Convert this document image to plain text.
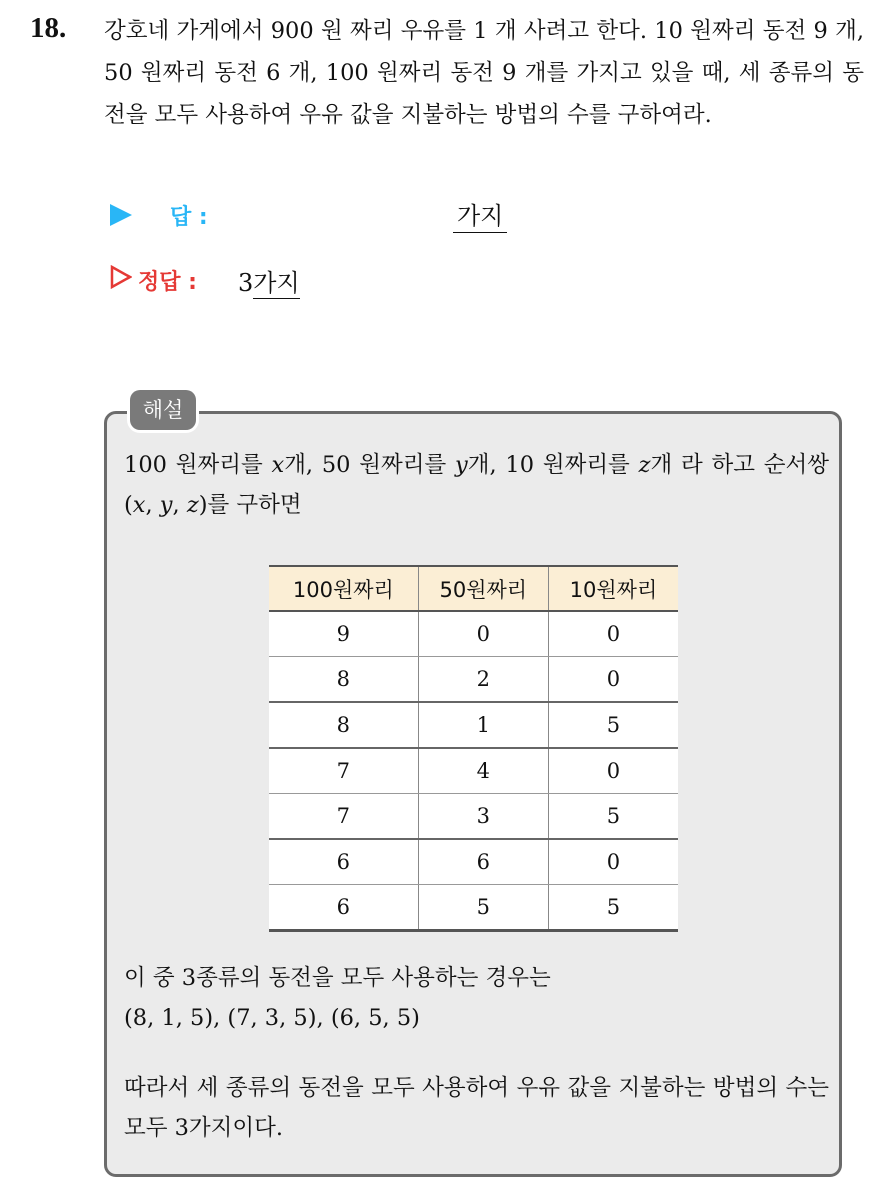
18. 강호네 가게에서 900 원 짜리 우유를 1 개 사려고 한다. 10 원짜리 동전 9 개, 50 원짜리 동전 6 개, 100 원짜리 동전 9 개를 가지고 있을 때, 세 종류의 동전을 모두 사용하여 우유 값을 지불하는 방법의 수를 구하여라.

답 :	가지
정답 : 3가지
해설

100 원짜리를 x개, 50 원짜리를 y개, 10 원짜리를 z개 라 하고 순서쌍 (x, y, z)를 구하면

100원짜리	50원짜리	10원짜리
9	0	0
8	2	0
8	1	5
7	4	0
7	3	5
6	6	0
6	5	5
이 중 3종류의 동전을 모두 사용하는 경우는
(8, 1, 5), (7, 3, 5), (6, 5, 5)

따라서 세 종류의 동전을 모두 사용하여 우유 값을 지불하는 방법의 수는 모두 3가지이다.
